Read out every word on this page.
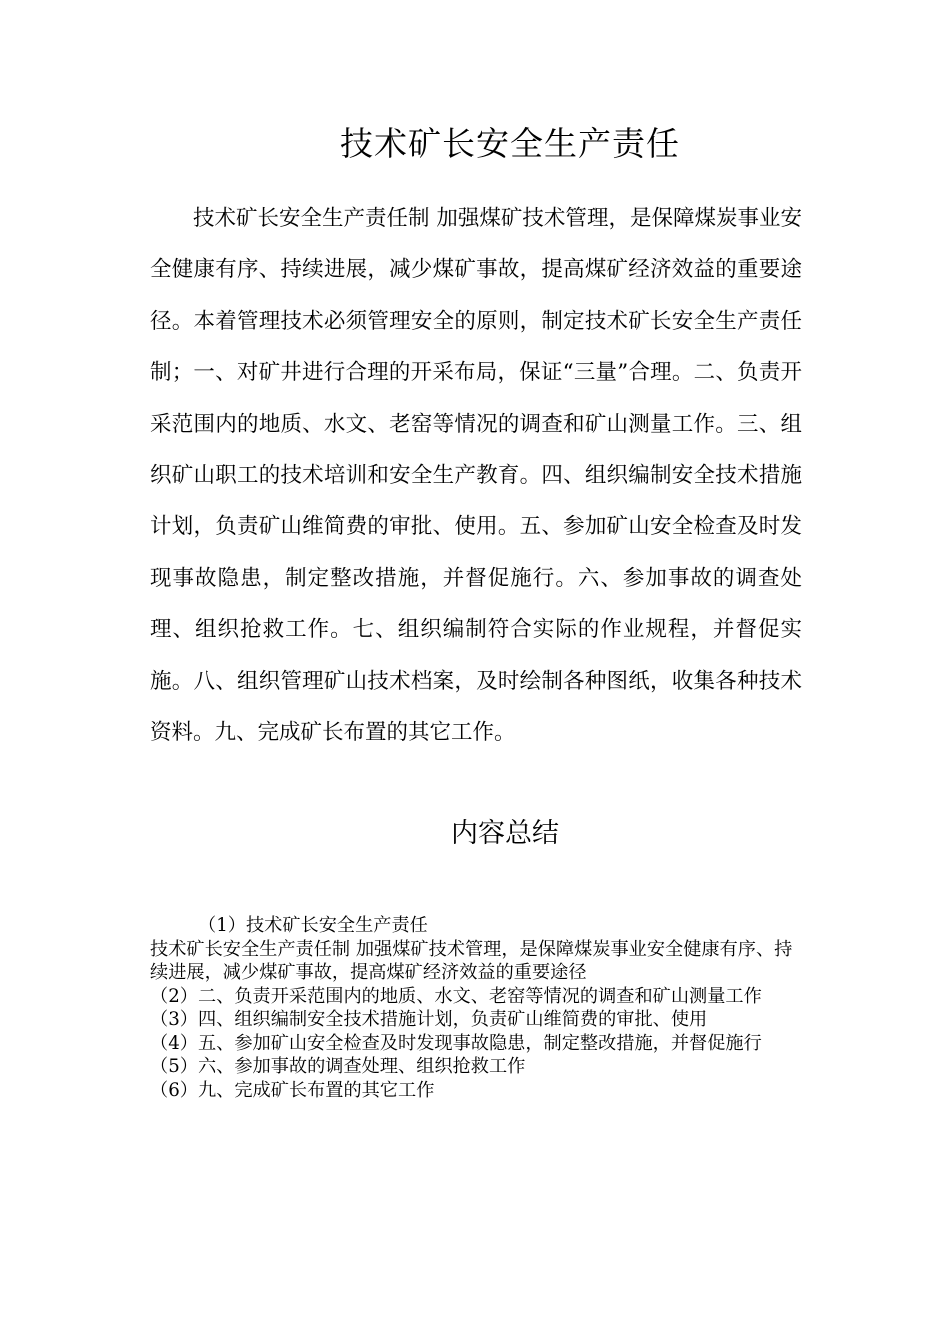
技术矿长安全生产责任

技术矿长安全生产责任制 加强煤矿技术管理，是保障煤炭事业安全健康有序、持续进展，减少煤矿事故，提高煤矿经济效益的重要途径。本着管理技术必须管理安全的原则，制定技术矿长安全生产责任制；一、对矿井进行合理的开采布局，保证“三量”合理。二、负责开采范围内的地质、水文、老窑等情况的调查和矿山测量工作。三、组织矿山职工的技术培训和安全生产教育。四、组织编制安全技术措施计划，负责矿山维简费的审批、使用。五、参加矿山安全检查及时发现事故隐患，制定整改措施，并督促施行。六、参加事故的调查处理、组织抢救工作。七、组织编制符合实际的作业规程，并督促实施。八、组织管理矿山技术档案，及时绘制各种图纸，收集各种技术资料。九、完成矿长布置的其它工作。

内容总结

（1）技术矿长安全生产责任

技术矿长安全生产责任制 加强煤矿技术管理，是保障煤炭事业安全健康有序、持续进展，减少煤矿事故，提高煤矿经济效益的重要途径

（2）二、负责开采范围内的地质、水文、老窑等情况的调查和矿山测量工作

（3）四、组织编制安全技术措施计划，负责矿山维简费的审批、使用

（4）五、参加矿山安全检查及时发现事故隐患，制定整改措施，并督促施行

（5）六、参加事故的调查处理、组织抢救工作

（6）九、完成矿长布置的其它工作
